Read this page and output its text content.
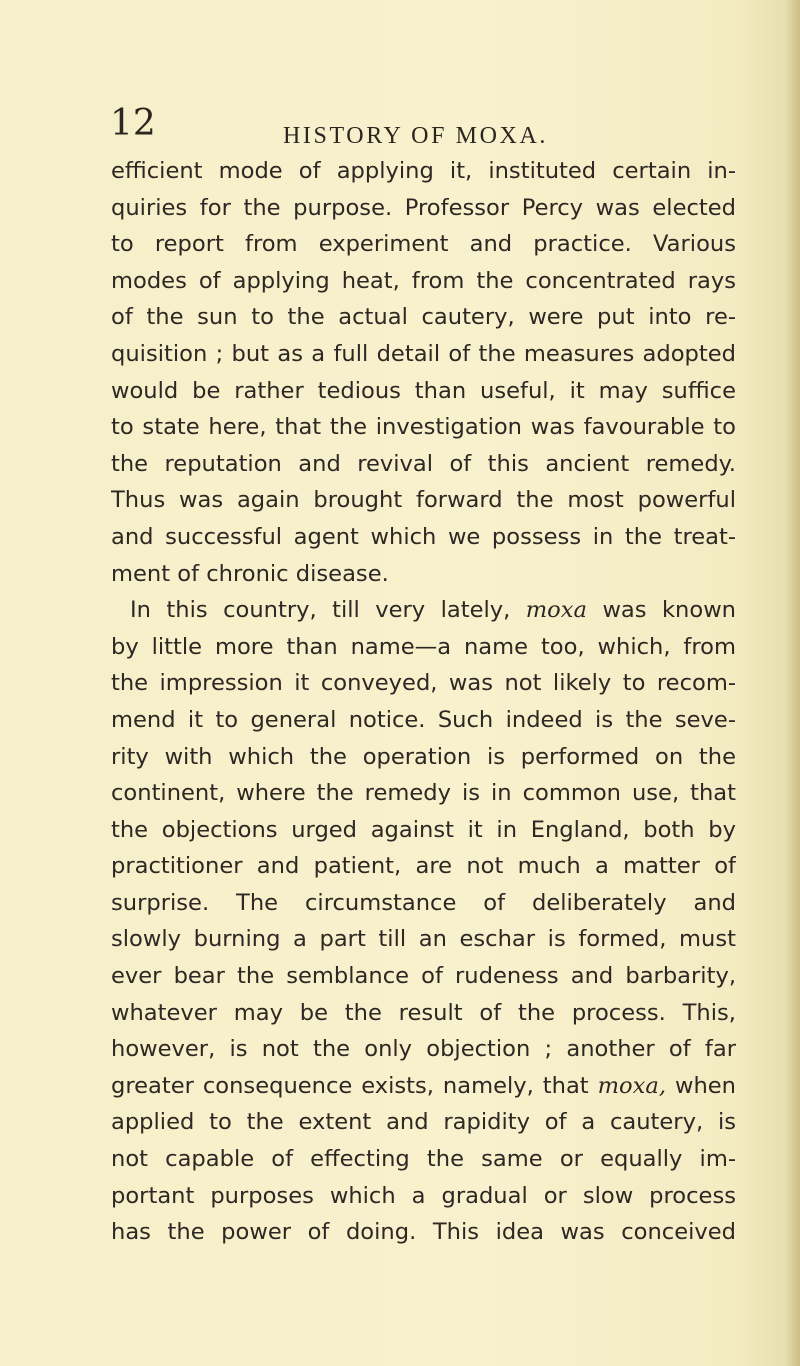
12	HISTORY OF MOXA.
efficient mode of applying it, instituted certain in-
quiries for the purpose. Professor Percy was elected
to report from experiment and practice. Various
modes of applying heat, from the concentrated rays
of the sun to the actual cautery, were put into re-
quisition ; but as a full detail of the measures adopted
would be rather tedious than useful, it may suffice
to state here, that the investigation was favourable to
the reputation and revival of this ancient remedy.
Thus was again brought forward the most powerful
and successful agent which we possess in the treat-
ment of chronic disease.
In this country, till very lately, moxa was known
by little more than name—a name too, which, from
the impression it conveyed, was not likely to recom-
mend it to general notice. Such indeed is the seve-
rity with which the operation is performed on the
continent, where the remedy is in common use, that
the objections urged against it in England, both by
practitioner and patient, are not much a matter of
surprise. The circumstance of deliberately and
slowly burning a part till an eschar is formed, must
ever bear the semblance of rudeness and barbarity,
whatever may be the result of the process. This,
however, is not the only objection ; another of far
greater consequence exists, namely, that moxa, when
applied to the extent and rapidity of a cautery, is
not capable of effecting the same or equally im-
portant purposes which a gradual or slow process
has the power of doing. This idea was conceived
